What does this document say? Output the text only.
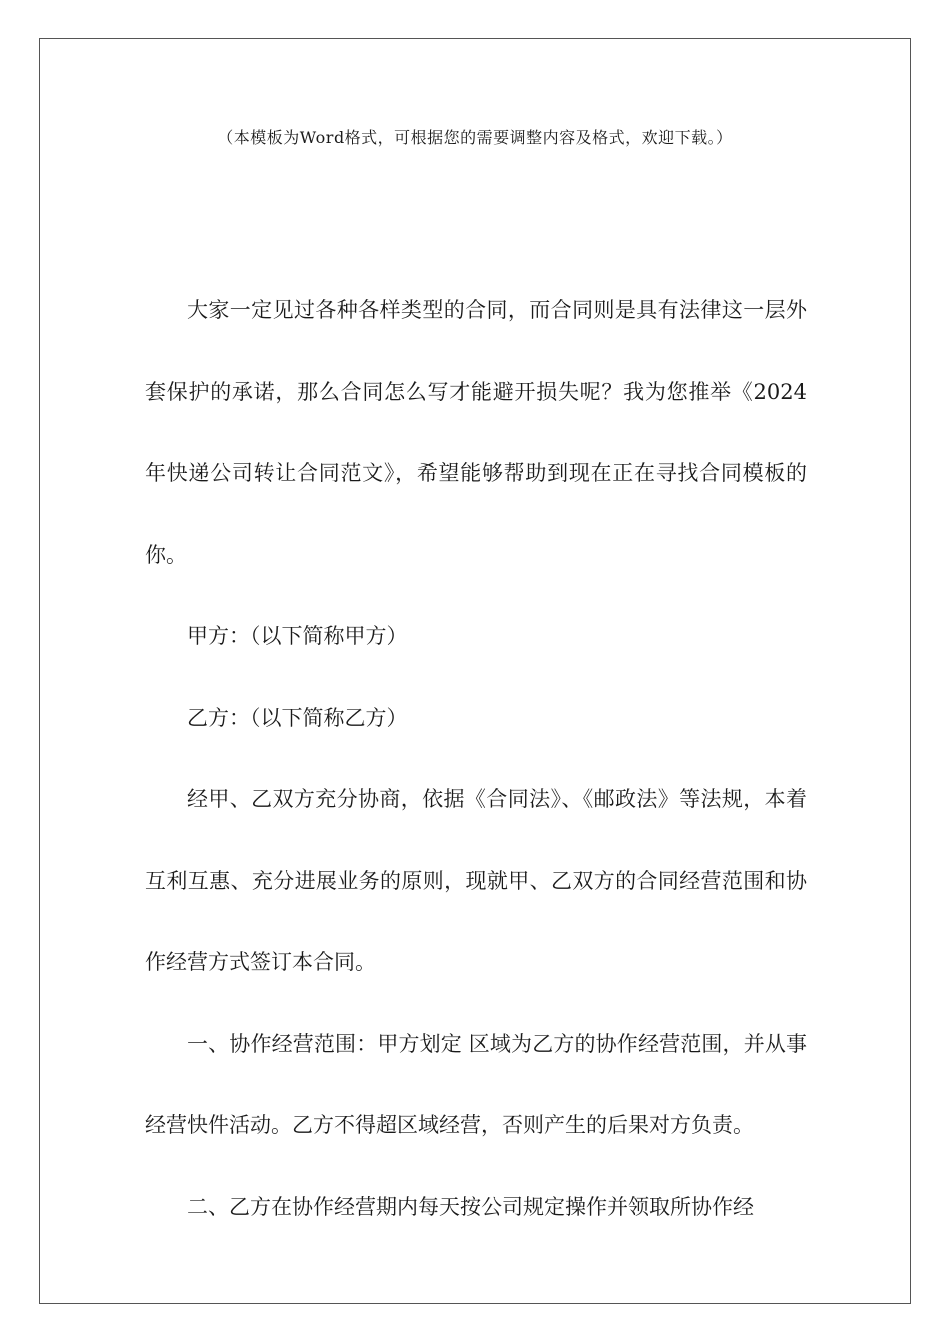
（本模板为Word格式，可根据您的需要调整内容及格式，欢迎下载。）

大家一定见过各种各样类型的合同，而合同则是具有法律这一层外套保护的承诺，那么合同怎么写才能避开损失呢？我为您推举《2024年快递公司转让合同范文》，希望能够帮助到现在正在寻找合同模板的你。

甲方：（以下简称甲方）

乙方：（以下简称乙方）

经甲、乙双方充分协商，依据《合同法》、《邮政法》等法规，本着互利互惠、充分进展业务的原则，现就甲、乙双方的合同经营范围和协作经营方式签订本合同。

一、协作经营范围：甲方划定 区域为乙方的协作经营范围，并从事经营快件活动。乙方不得超区域经营，否则产生的后果对方负责。

二、乙方在协作经营期内每天按公司规定操作并领取所协作经
